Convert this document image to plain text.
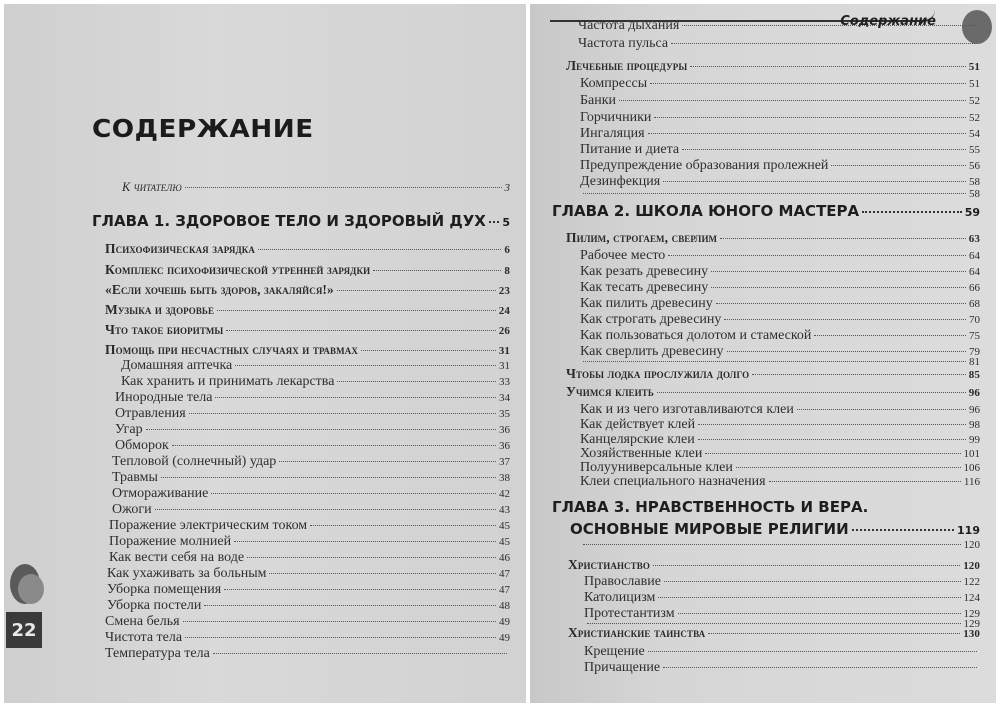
СОДЕРЖАНИЕ
22
К читателю	3
ГЛАВА 1. ЗДОРОВОЕ ТЕЛО И ЗДОРОВЫЙ ДУХ 5
Психофизическая зарядка	6
Комплекс психофизической утренней зарядки	8
«Если хочешь быть здоров, закаляйся!»	23
Музыка и здоровье	24
Что такое биоритмы	26
Помощь при несчастных случаях и травмах	31
Домашняя аптечка	31
Как хранить и принимать лекарства	33
Инородные тела	34
Отравления	35
Угар	36
Обморок	36
Тепловой (солнечный) удар	37
Травмы	38
Отмораживание	42
Ожоги	43
Поражение электрическим током	45
Поражение молнией	45
Как вести себя на воде	46
Как ухаживать за больным	47
Уборка помещения	47
Уборка постели	48
Смена белья	49
Чистота тела	49
Температура тела
Содержание
Частота дыхания
Частота пульса
Лечебные процедуры	51
Компрессы	51
Банки	52
Горчичники	52
Ингаляция	54
Питание и диета	55
Предупреждение образования пролежней	56
Дезинфекция	58
58
ГЛАВА 2. ШКОЛА ЮНОГО МАСТЕРА	59
Пилим, строгаем, сверлим	63
Рабочее место	64
Как резать древесину	64
Как тесать древесину	66
Как пилить древесину	68
Как строгать древесину	70
Как пользоваться долотом и стамеской	75
Как сверлить древесину	79
81
Чтобы лодка прослужила долго	85
Учимся клеить	96
Как и из чего изготавливаются клеи	96
Как действует клей	98
Канцелярские клеи	99
Хозяйственные клеи	101
Полуунивеpсальные клеи	106
Клеи специального назначения	116
ГЛАВА 3. НРАВСТВЕННОСТЬ И ВЕРА.
ОСНОВНЫЕ МИРОВЫЕ РЕЛИГИИ	119
120
Христианство	120
Православие	122
Католицизм	124
Протестантизм	129
129
Христианские таинства	130
Крещение
Причащение
